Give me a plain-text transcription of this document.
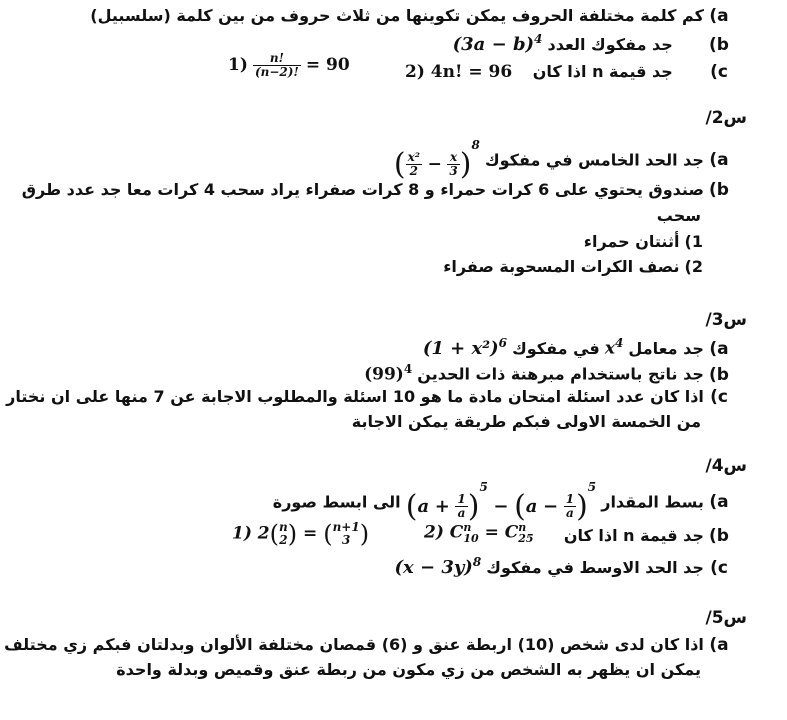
a) كم كلمة مختلفة الحروف يمكن تكوينها من ثلاث حروف من بين كلمة (سلسبيل)
b)  جد مفكوك العدد $(3a - b)^4$
c)  جد قيمة n اذا كان
2) 4n! = 96
$1) \frac{n!}{(n-2)!} = 90$
س2/
a) جد الحد الخامس في مفكوك ( $\frac{\text{x²}}{2} - \frac{x}{3} )^8$
b) صندوق يحتوي على 6 كرات حمراء و 8 كرات صفراء يراد سحب 4 كرات معا جد عدد طرق
سحب
1) أثنتان حمراء
2) نصف الكرات المسحوبة صفراء
س3/
a) جد معامل $x^4$ في مفكوك $(1 + x^2)^6$
b) جد ناتج باستخدام مبرهنة ذات الحدين $(99)^4$
c) اذا كان عدد اسئلة امتحان مادة ما هو 10 اسئلة والمطلوب الاجابة عن 7 منها على ان نختار
من الخمسة الاولى فبكم طريقة يمكن الاجابة
س4/
a) بسط المقدار $(a + \frac{1}{a} )^5 - (a - \frac{1}{a} )^5$ الى ابسط صورة
b) جد قيمة n اذا كان
2) C n
10 = C n
25
1) 2( n
2 ) = ( n+1
3 )
c) جد الحد الاوسط في مفكوك $(x - 3y)^8$
س5/
a) اذا كان لدى شخص (10) اربطة عنق و (6) قمصان مختلفة الألوان وبدلتان فبكم زي مختلف
يمكن ان يظهر به الشخص من زي مكون من ربطة عنق وقميص وبدلة واحدة
